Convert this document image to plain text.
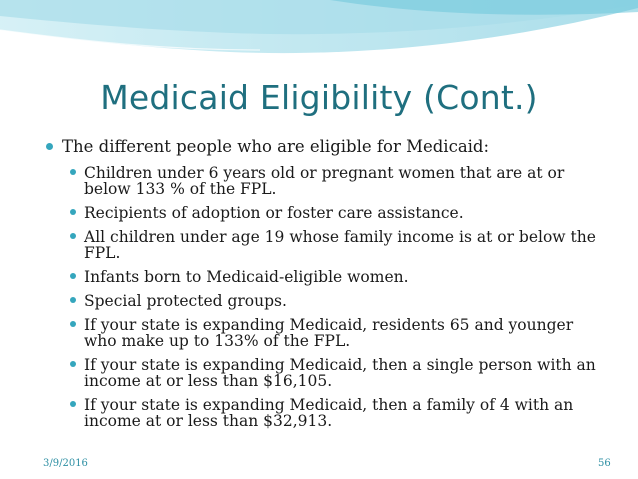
Medicaid Eligibility (Cont.)
The different people who are eligible for Medicaid:
Children under 6 years old or pregnant women that are at or below 133 % of the FPL.
Recipients of adoption or foster care assistance.
All children under age 19 whose family income is at or below the FPL.
Infants born to Medicaid-eligible women.
Special protected groups.
If your state is expanding Medicaid, residents 65 and younger who make up to 133% of the FPL.
If your state is expanding Medicaid, then a single person with an income at or less than $16,105.
If your state is expanding Medicaid, then a family of 4 with an income at or less than $32,913.
3/9/2016	56
